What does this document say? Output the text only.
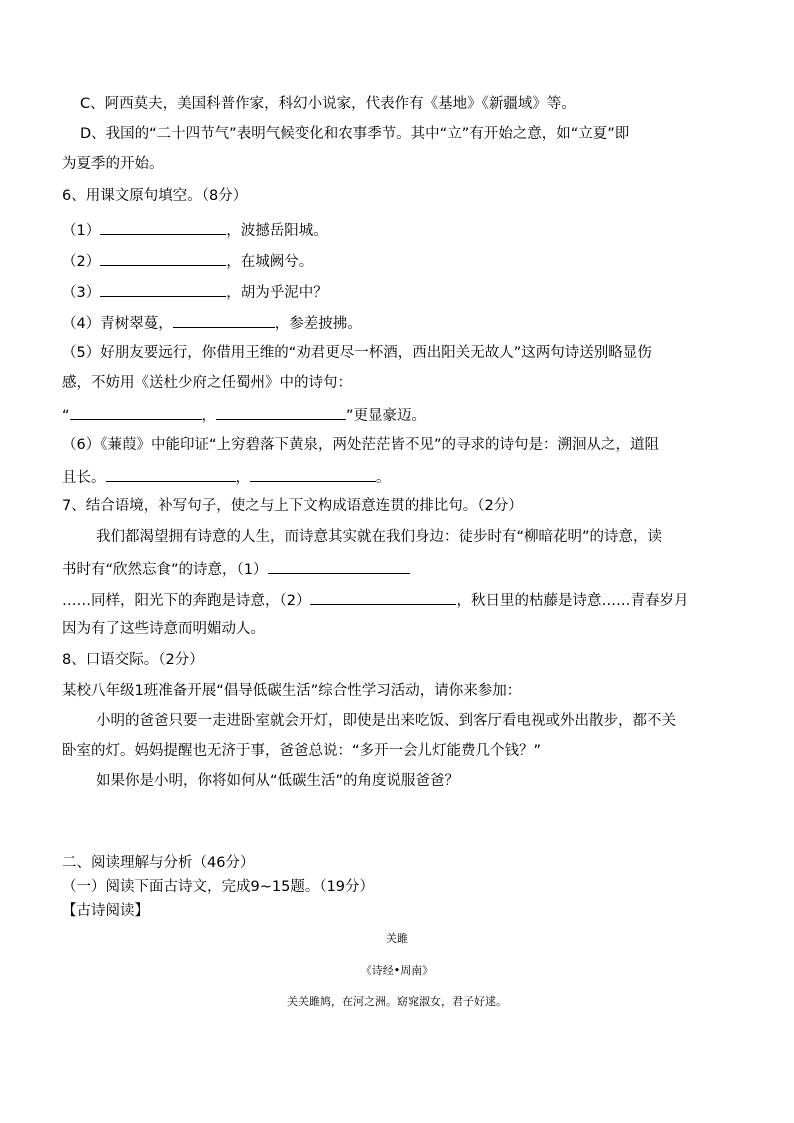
C、阿西莫夫，美国科普作家，科幻小说家，代表作有《基地》《新疆域》等。
D、我国的“二十四节气”表明气候变化和农事季节。其中“立”有开始之意，如“立夏”即
为夏季的开始。
6、用课文原句填空。（8分）
（1）	，波撼岳阳城。
（2）	，在城阙兮。
（3）	，胡为乎泥中？
（4）青树翠蔓，	，参差披拂。
（5）好朋友要远行，你借用王维的“劝君更尽一杯酒，西出阳关无故人”这两句诗送别略显伤
感，不妨用《送杜少府之任蜀州》中的诗句：
“	，	”更显豪迈。
（6）《蒹葭》中能印证“上穷碧落下黄泉，两处茫茫皆不见”的寻求的诗句是：溯洄从之，道阻
且长。	，	。
7、结合语境，补写句子，使之与上下文构成语意连贯的排比句。（2分）
我们都渴望拥有诗意的人生，而诗意其实就在我们身边：徒步时有“柳暗花明”的诗意，读
书时有“欣然忘食”的诗意，（1）
……同样，阳光下的奔跑是诗意，（2）	，秋日里的枯藤是诗意……青春岁月
因为有了这些诗意而明媚动人。
8、口语交际。（2分）
某校八年级1班准备开展“倡导低碳生活”综合性学习活动，请你来参加：
小明的爸爸只要一走进卧室就会开灯，即使是出来吃饭、到客厅看电视或外出散步，都不关
卧室的灯。妈妈提醒也无济于事，爸爸总说：“多开一会儿灯能费几个钱？”
如果你是小明，你将如何从“低碳生活”的角度说服爸爸？
二、阅读理解与分析（46分）
（一）阅读下面古诗文，完成9~15题。（19分）
【古诗阅读】
关雎
《诗经•周南》
关关雎鸠，在河之洲。窈窕淑女，君子好逑。
